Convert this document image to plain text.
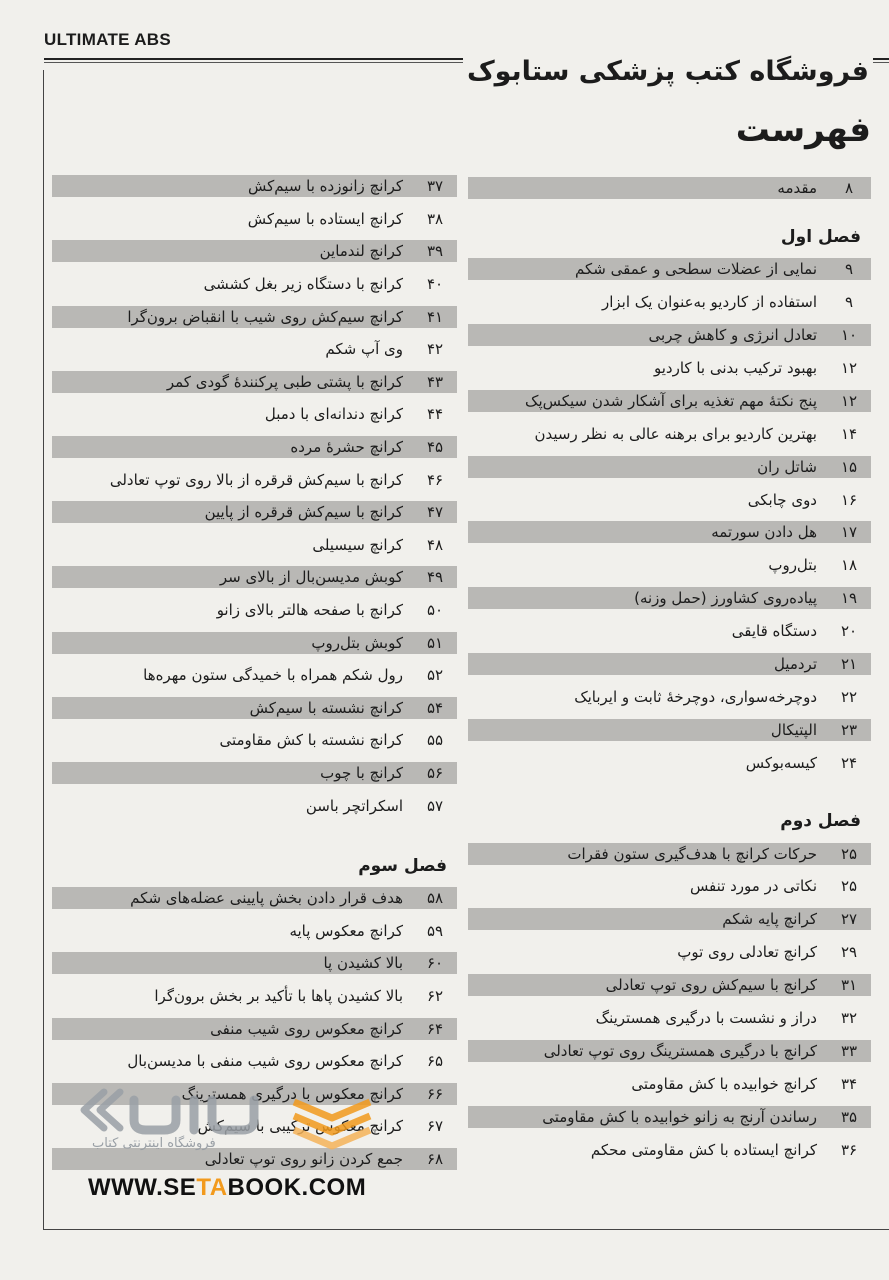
ULTIMATE ABS
فروشگاه کتب پزشکی ستابوک
فهرست
۸
مقدمه
فصل اول
۹
نمایی از عضلات سطحی و عمقی شکم
۹
استفاده از کاردیو به‌عنوان یک ابزار
۱۰
تعادل انرژی و کاهش چربی
۱۲
بهبود ترکیب بدنی با کاردیو
۱۲
پنج نکتهٔ مهم تغذیه برای آشکار شدن سیکس‌پک
۱۴
بهترین کاردیو برای برهنه عالی به نظر رسیدن
۱۵
شاتل ران
۱۶
دوی چابکی
۱۷
هل دادن سورتمه
۱۸
بتل‌روپ
۱۹
پیاده‌روی کشاورز (حمل وزنه)
۲۰
دستگاه قایقی
۲۱
تردمیل
۲۲
دوچرخه‌سواری، دوچرخهٔ ثابت و ایربایک
۲۳
الپتیکال
۲۴
کیسه‌بوکس
فصل دوم
۲۵
حرکات کرانچ با هدف‌گیری ستون فقرات
۲۵
نکاتی در مورد تنفس
۲۷
کرانچ پایه شکم
۲۹
کرانچ تعادلی روی توپ
۳۱
کرانچ با سیم‌کش روی توپ تعادلی
۳۲
دراز و نشست با درگیری همسترینگ
۳۳
کرانچ با درگیری همسترینگ روی توپ تعادلی
۳۴
کرانچ خوابیده با کش مقاومتی
۳۵
رساندن آرنج به زانو خوابیده با کش مقاومتی
۳۶
کرانچ ایستاده با کش مقاومتی محکم
۳۷
کرانچ زانوزده با سیم‌کش
۳۸
کرانچ ایستاده با سیم‌کش
۳۹
کرانچ لندماین
۴۰
کرانچ با دستگاه زیر بغل کششی
۴۱
کرانچ سیم‌کش روی شیب با انقباض برون‌گرا
۴۲
وی آپ شکم
۴۳
کرانچ با پشتی طبی پرکنندهٔ گودی کمر
۴۴
کرانچ دندانه‌ای با دمبل
۴۵
کرانچ حشرهٔ مرده
۴۶
کرانچ با سیم‌کش قرقره از بالا روی توپ تعادلی
۴۷
کرانچ با سیم‌کش قرقره از پایین
۴۸
کرانچ سیسیلی
۴۹
کوبش مدیسن‌بال از بالای سر
۵۰
کرانچ با صفحه هالتر بالای زانو
۵۱
کوبش بتل‌روپ
۵۲
رول شکم همراه با خمیدگی ستون مهره‌ها
۵۴
کرانچ نشسته با سیم‌کش
۵۵
کرانچ نشسته با کش مقاومتی
۵۶
کرانچ با چوب
۵۷
اسکراتچر باسن
فصل سوم
۵۸
هدف قرار دادن بخش پایینی عضله‌های شکم
۵۹
کرانچ معکوس پایه
۶۰
بالا کشیدن پا
۶۲
بالا کشیدن پاها با تأکید بر بخش برون‌گرا
۶۴
کرانچ معکوس روی شیب منفی
۶۵
کرانچ معکوس روی شیب منفی با مدیسن‌بال
۶۶
کرانچ معکوس با درگیری همسترینگ
۶۷
کرانچ معکوس ترکیبی با سیم‌کش
۶۸
جمع کردن زانو روی توپ تعادلی
فروشگاه اینترنتی کتاب
WWW.SETABOOK.COM
